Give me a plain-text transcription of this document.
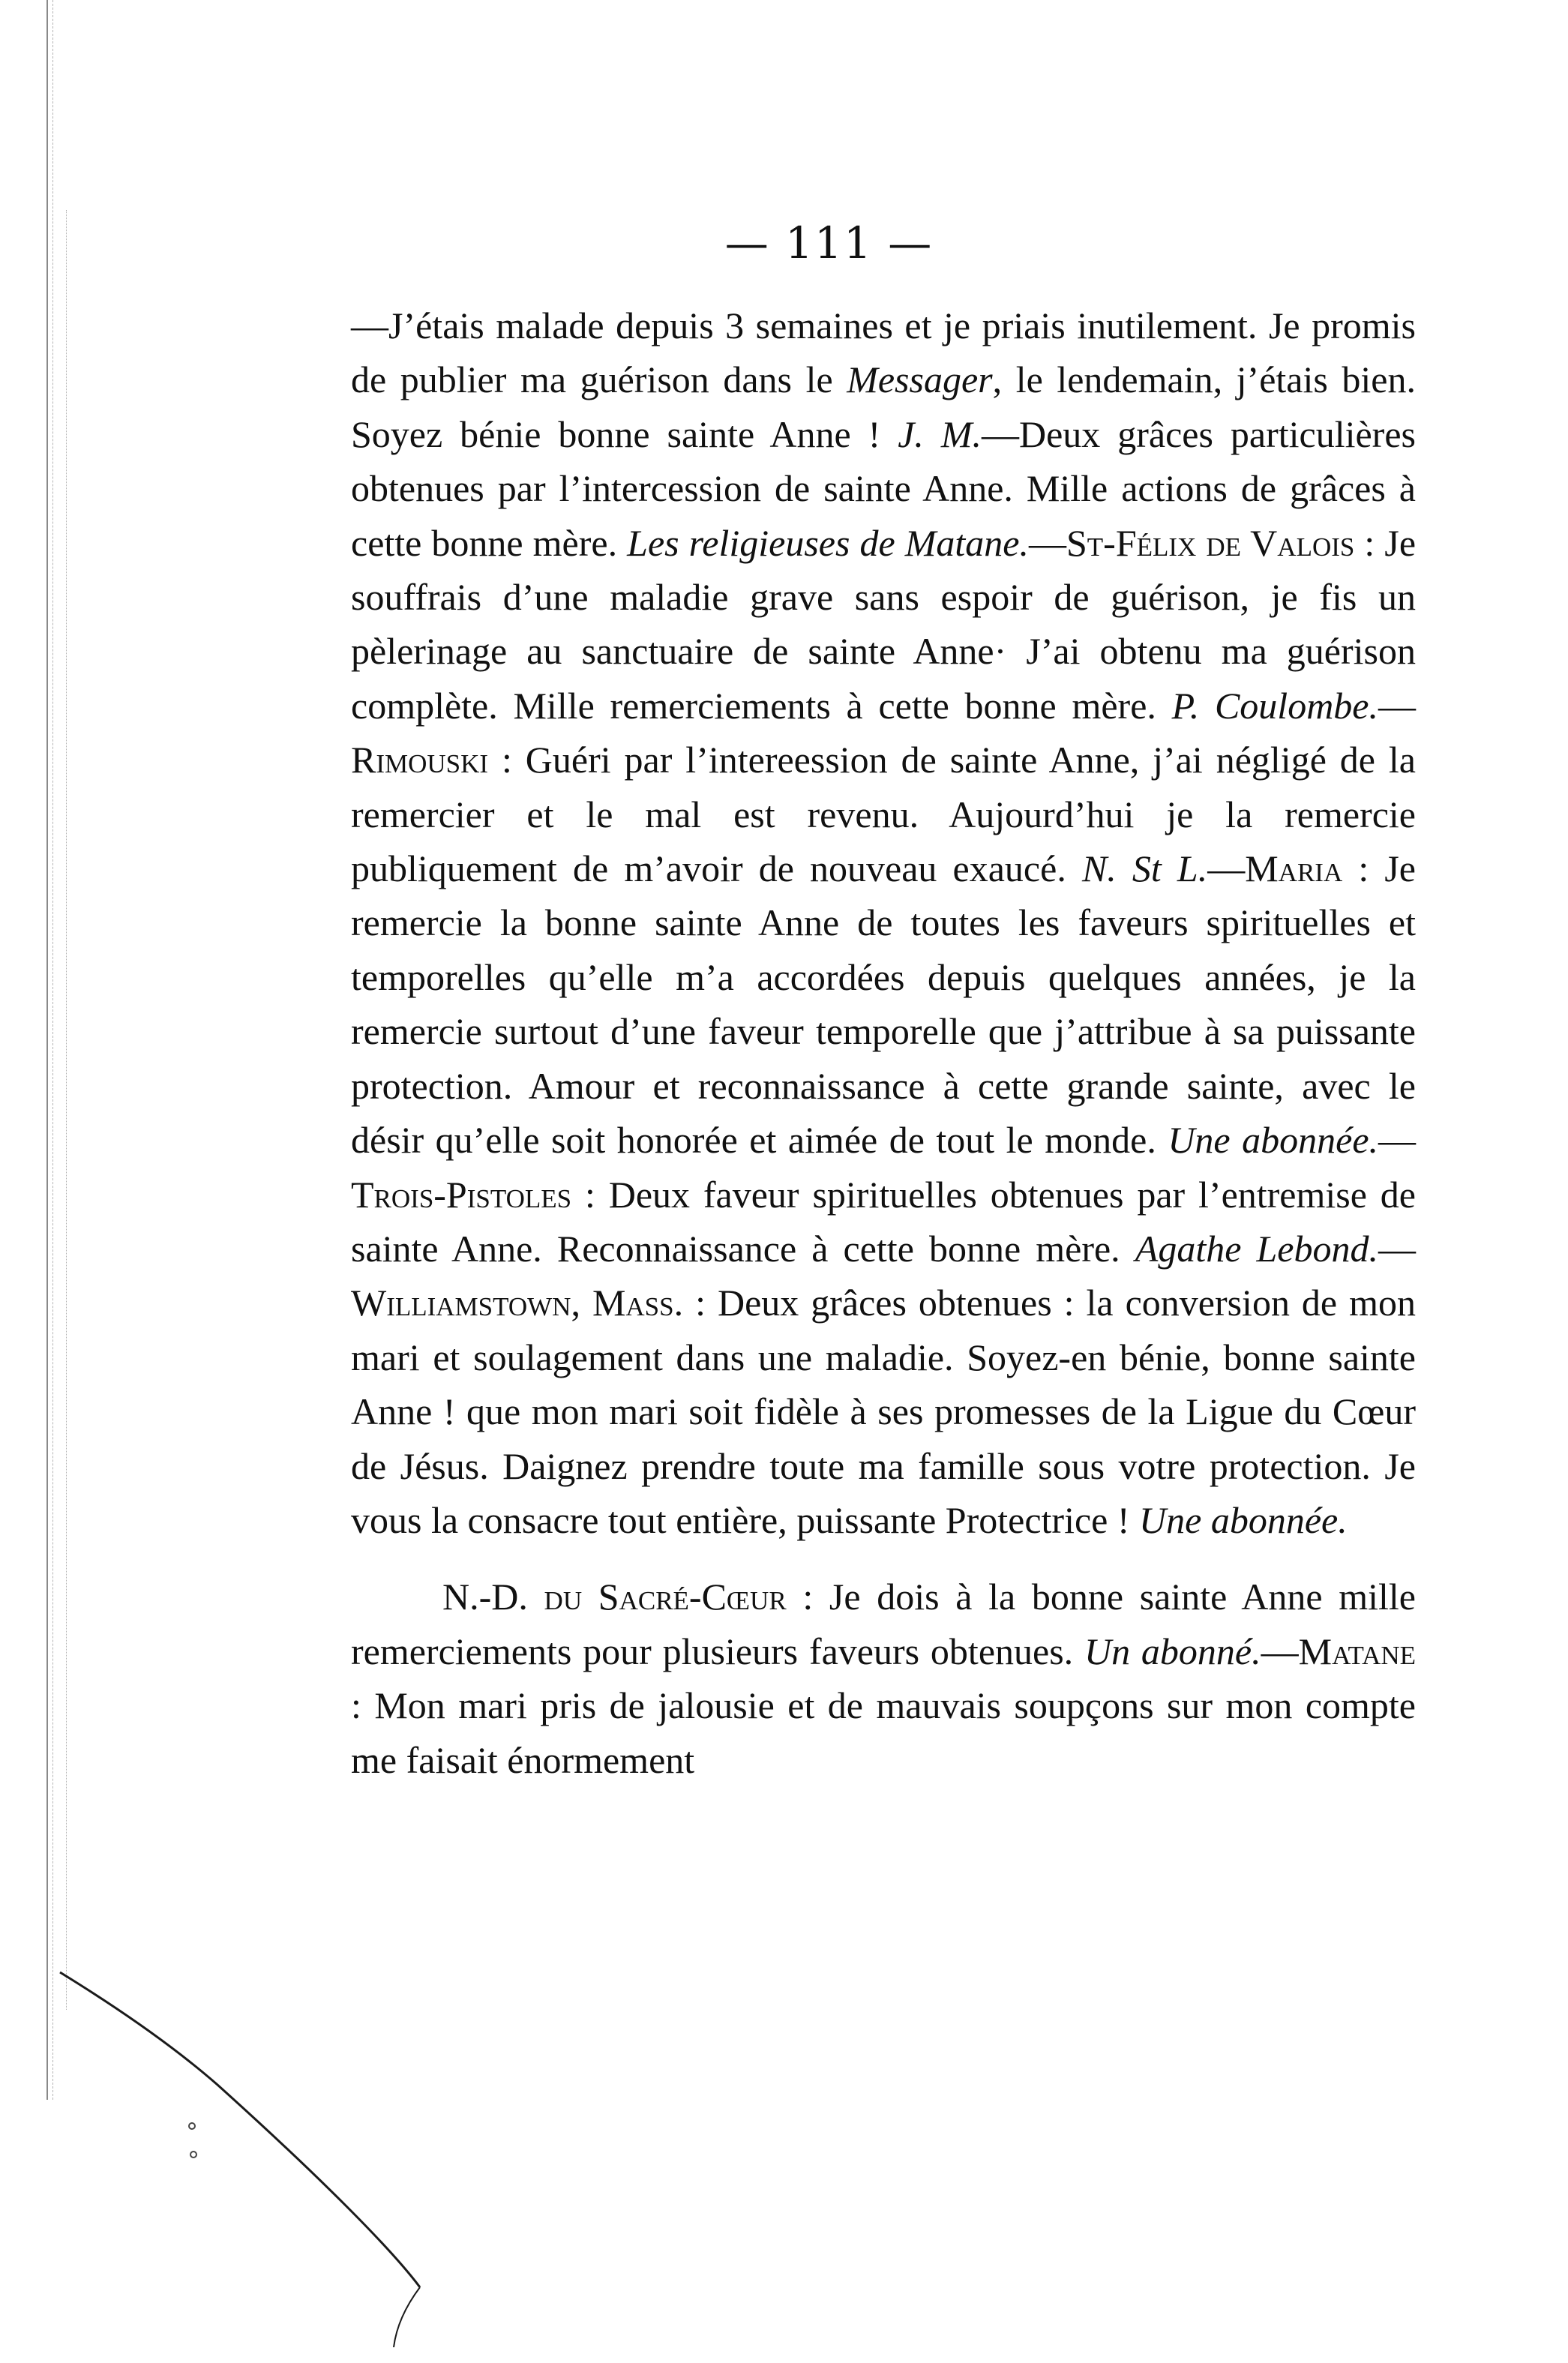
— 111 —

—J’étais malade depuis 3 semaines et je priais inutilement. Je promis de publier ma guérison dans le Messager, le lendemain, j’étais bien. Soyez bénie bonne sainte Anne ! J. M.—Deux grâces particulières obtenues par l’intercession de sainte Anne. Mille actions de grâces à cette bonne mère. Les religieuses de Matane.—St-Félix de Valois : Je souffrais d’une maladie grave sans espoir de guérison, je fis un pèlerinage au sanctuaire de sainte Anne· J’ai obtenu ma guérison complète. Mille remerciements à cette bonne mère. P. Coulombe.—Rimouski : Guéri par l’intereession de sainte Anne, j’ai négligé de la remercier et le mal est revenu. Aujourd’hui je la remercie publiquement de m’avoir de nouveau exaucé. N. St L.—Maria : Je remercie la bonne sainte Anne de toutes les faveurs spirituelles et temporelles qu’elle m’a accordées depuis quelques années, je la remercie surtout d’une faveur temporelle que j’attribue à sa puissante protection. Amour et reconnaissance à cette grande sainte, avec le désir qu’elle soit honorée et aimée de tout le monde. Une abonnée.—Trois-Pistoles : Deux faveur spirituelles obtenues par l’entremise de sainte Anne. Reconnaissance à cette bonne mère. Agathe Lebond.—Williamstown, Mass. : Deux grâces obtenues : la conversion de mon mari et soulagement dans une maladie. Soyez-en bénie, bonne sainte Anne ! que mon mari soit fidèle à ses promesses de la Ligue du Cœur de Jésus. Daignez prendre toute ma famille sous votre protection. Je vous la consacre tout entière, puissante Protectrice ! Une abonnée.

N.-D. du Sacré-Cœur : Je dois à la bonne sainte Anne mille remerciements pour plusieurs faveurs obtenues. Un abonné.—Matane : Mon mari pris de jalousie et de mauvais soupçons sur mon compte me faisait énormement
